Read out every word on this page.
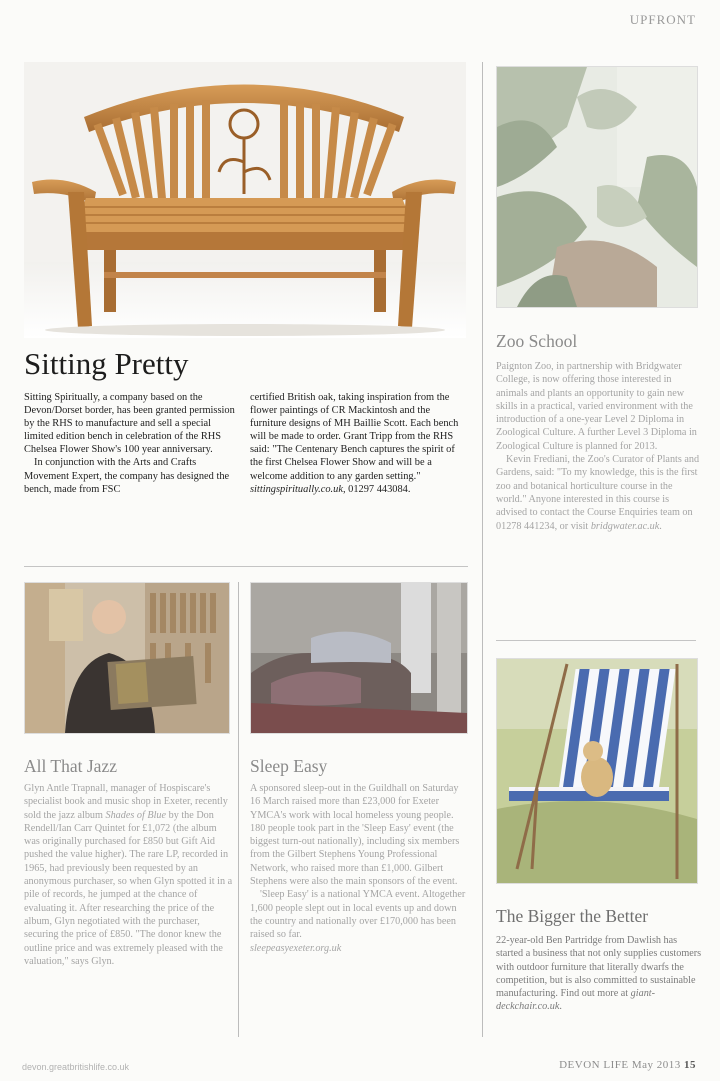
UPFRONT
Sitting Pretty

Sitting Spiritually, a company based on the Devon/Dorset border, has been granted permission by the RHS to manufacture and sell a special limited edition bench in celebration of the RHS Chelsea Flower Show's 100 year anniversary.

In conjunction with the Arts and Crafts Movement Expert, the company has designed the bench, made from FSC

certified British oak, taking inspiration from the flower paintings of CR Mackintosh and the furniture designs of MH Baillie Scott. Each bench will be made to order. Grant Tripp from the RHS said: "The Centenary Bench captures the spirit of the first Chelsea Flower Show and will be a welcome addition to any garden setting."

sittingspiritually.co.uk, 01297 443084.

Zoo School

Paignton Zoo, in partnership with Bridgwater College, is now offering those interested in animals and plants an opportunity to gain new skills in a practical, varied environment with the introduction of a one-year Level 2 Diploma in Zoological Culture. A further Level 3 Diploma in Zoological Culture is planned for 2013.

Kevin Frediani, the Zoo's Curator of Plants and Gardens, said: "To my knowledge, this is the first zoo and botanical horticulture course in the world." Anyone interested in this course is advised to contact the Course Enquiries team on 01278 441234, or visit bridgwater.ac.uk.

The Bigger the Better

22-year-old Ben Partridge from Dawlish has started a business that not only supplies customers with outdoor furniture that literally dwarfs the competition, but is also committed to sustainable manufacturing. Find out more at giant-deckchair.co.uk.

All That Jazz

Glyn Antle Trapnall, manager of Hospiscare's specialist book and music shop in Exeter, recently sold the jazz album Shades of Blue by the Don Rendell/Ian Carr Quintet for £1,072 (the album was originally purchased for £850 but Gift Aid pushed the value higher). The rare LP, recorded in 1965, had previously been requested by an anonymous purchaser, so when Glyn spotted it in a pile of records, he jumped at the chance of evaluating it. After researching the price of the album, Glyn negotiated with the purchaser, securing the price of £850. "The donor knew the outline price and was extremely pleased with the valuation," says Glyn.

Sleep Easy

A sponsored sleep-out in the Guildhall on Saturday 16 March raised more than £23,000 for Exeter YMCA's work with local homeless young people. 180 people took part in the 'Sleep Easy' event (the biggest turn-out nationally), including six members from the Gilbert Stephens Young Professional Network, who raised more than £1,000. Gilbert Stephens were also the main sponsors of the event.

'Sleep Easy' is a national YMCA event. Altogether 1,600 people slept out in local events up and down the country and nationally over £170,000 has been raised so far.

sleepeasyexeter.org.uk

devon.greatbritishlife.co.uk	DEVON LIFE May 2013 15
